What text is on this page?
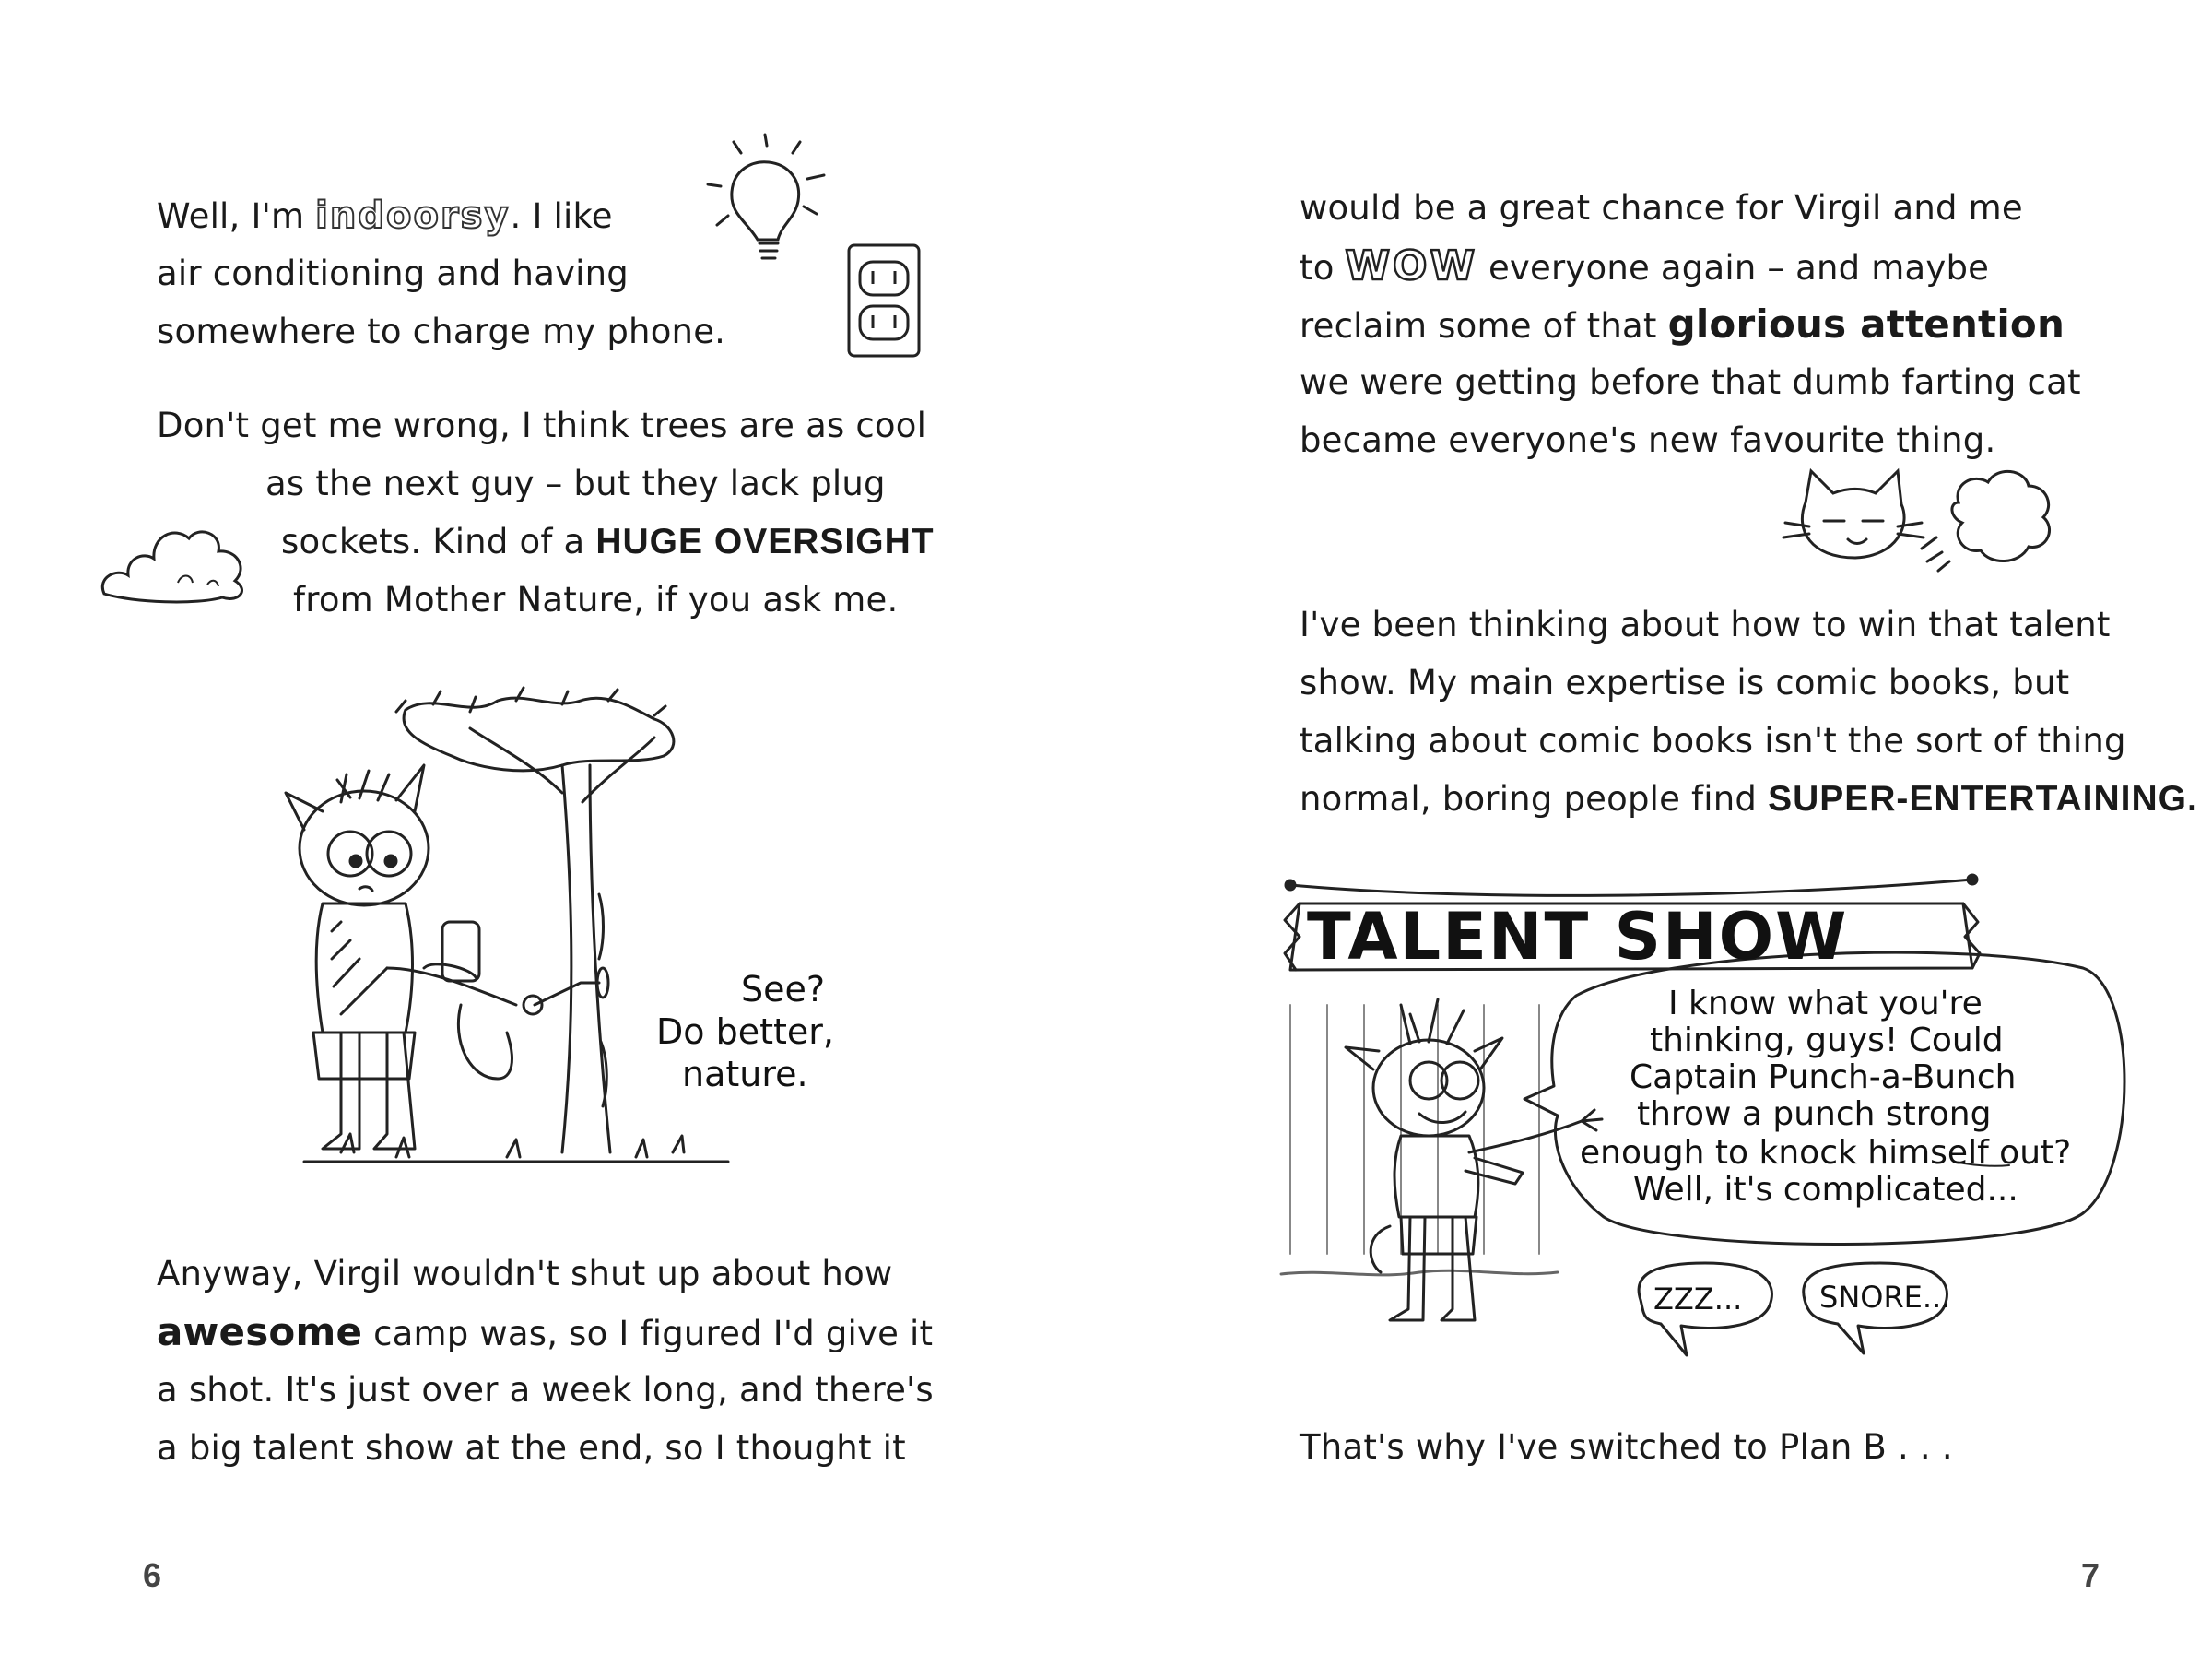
Well, I'm indoorsy. I like
air conditioning and having
somewhere to charge my phone.
Don't get me wrong, I think trees are as cool
as the next guy – but they lack plug
sockets. Kind of a HUGE OVERSIGHT
from Mother Nature, if you ask me.
See?
Do better,
nature.
Anyway, Virgil wouldn't shut up about how
awesome camp was, so I figured I'd give it
a shot. It's just over a week long, and there's
a big talent show at the end, so I thought it
6
would be a great chance for Virgil and me
to WOW everyone again – and maybe
reclaim some of that glorious attention
we were getting before that dumb farting cat
became everyone's new favourite thing.
I've been thinking about how to win that talent
show. My main expertise is comic books, but
talking about comic books isn't the sort of thing
normal, boring people find SUPER-ENTERTAINING.
TALENT SHOW
I know what you're
thinking, guys! Could
Captain Punch-a-Bunch
throw a punch strong
enough to knock himself out?
Well, it's complicated...
ZZZ...	SNORE...
That's why I've switched to Plan B . . .
7
